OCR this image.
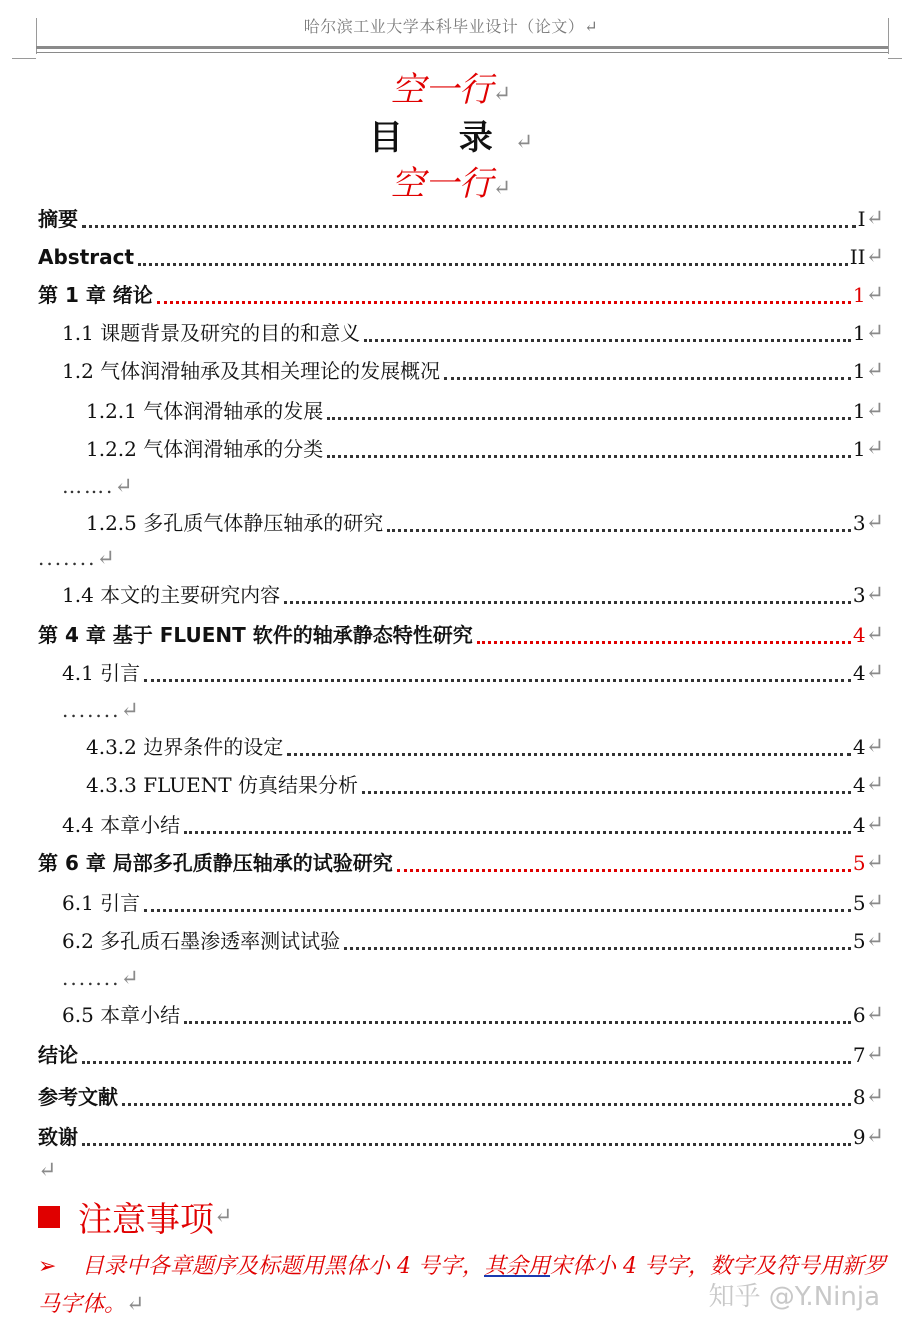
哈尔滨工业大学本科毕业设计（论文）↵
空一行↵
目 录↵
空一行↵
摘要	I ↵
Abstract	II ↵
第 1 章 绪论	1 ↵
1.1 课题背景及研究的目的和意义	1 ↵
1.2 气体润滑轴承及其相关理论的发展概况	1 ↵
1.2.1 气体润滑轴承的发展	1 ↵
1.2.2 气体润滑轴承的分类	1 ↵
1.2.5 多孔质气体静压轴承的研究	3 ↵
1.4 本文的主要研究内容	3 ↵
第 4 章 基于 FLUENT 软件的轴承静态特性研究	4 ↵
4.1 引言	4 ↵
4.3.2 边界条件的设定	4 ↵
4.3.3 FLUENT 仿真结果分析	4 ↵
4.4 本章小结	4 ↵
第 6 章 局部多孔质静压轴承的试验研究	5 ↵
6.1 引言	5 ↵
6.2 多孔质石墨渗透率测试试验	5 ↵
6.5 本章小结	6 ↵
结论	7 ↵
参考文献	8 ↵
致谢	9 ↵
…….↵
.......↵
.......↵
.......↵
↵
注意事项 ↵
➢ 目录中各章题序及标题用黑体小 4 号字，其余用宋体小 4 号字，数字及符号用新罗马字体。↵	知乎 @Y.Ninja
